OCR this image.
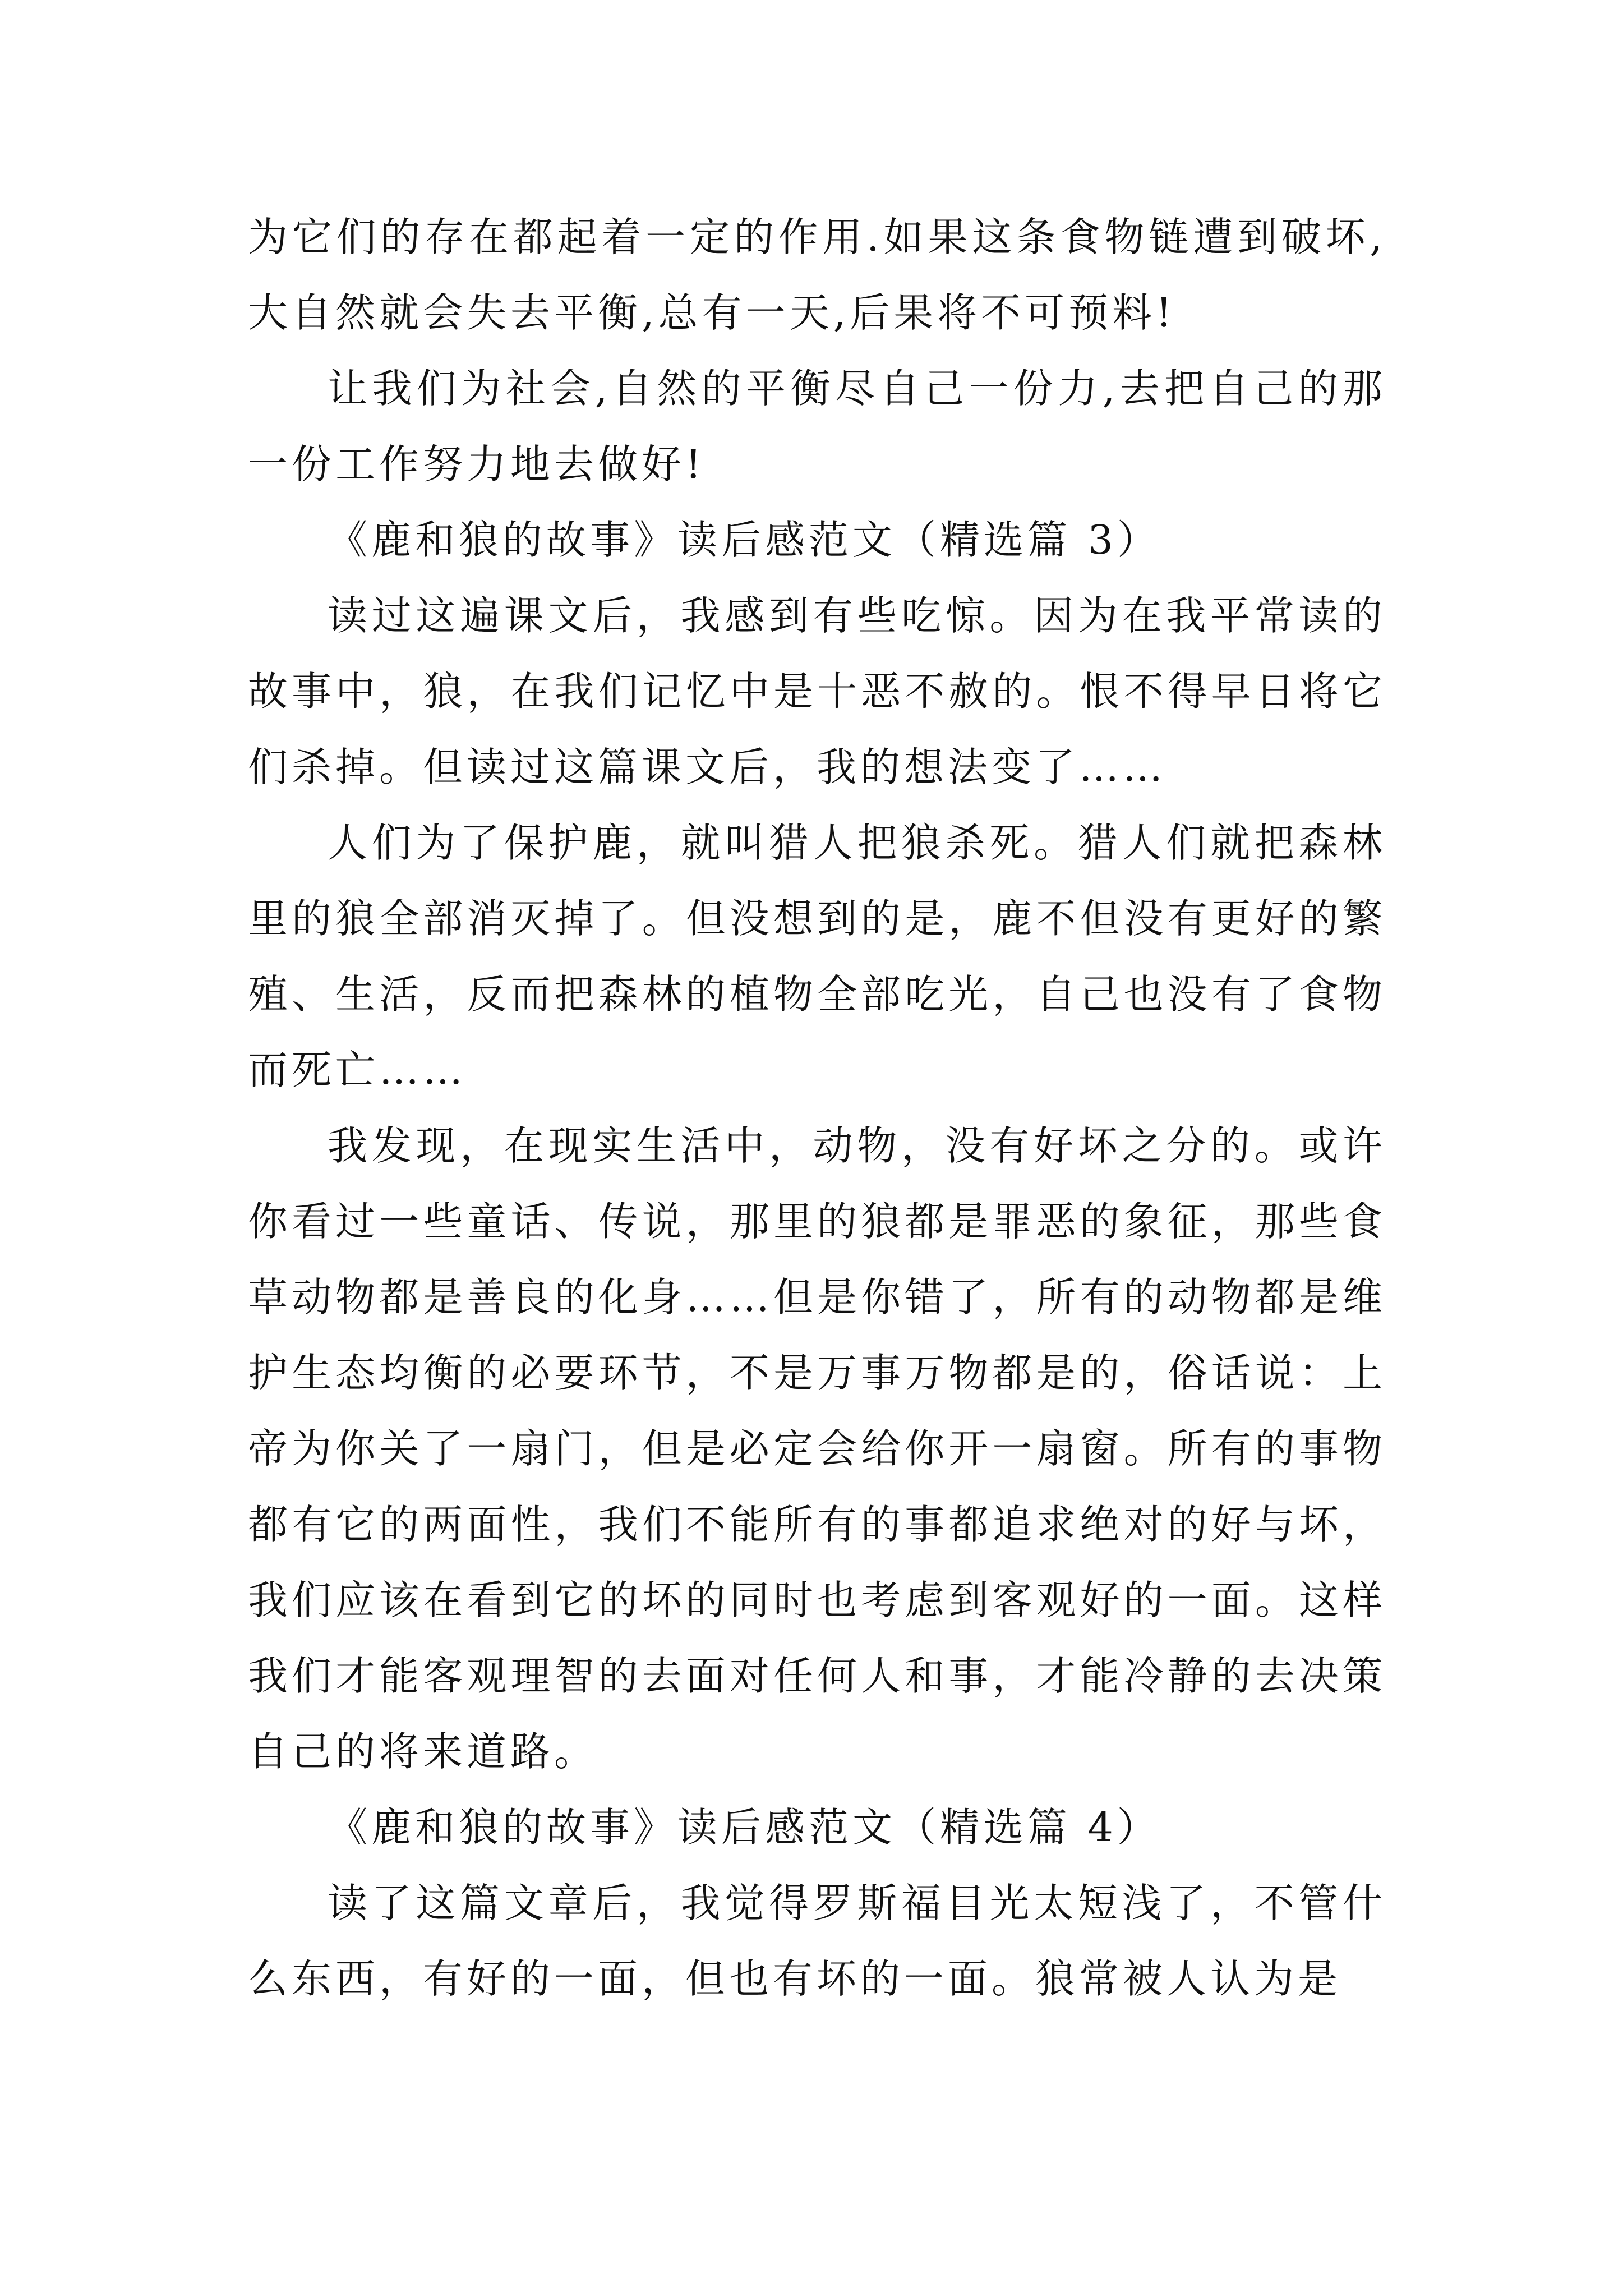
为它们的存在都起着一定的作用.如果这条食物链遭到破坏,大自然就会失去平衡,总有一天,后果将不可预料!

让我们为社会,自然的平衡尽自己一份力,去把自己的那一份工作努力地去做好!

《鹿和狼的故事》读后感范文（精选篇 3）

读过这遍课文后，我感到有些吃惊。因为在我平常读的故事中，狼，在我们记忆中是十恶不赦的。恨不得早日将它们杀掉。但读过这篇课文后，我的想法变了……

人们为了保护鹿，就叫猎人把狼杀死。猎人们就把森林里的狼全部消灭掉了。但没想到的是，鹿不但没有更好的繁殖、生活，反而把森林的植物全部吃光，自己也没有了食物而死亡……

我发现，在现实生活中，动物，没有好坏之分的。或许你看过一些童话、传说，那里的狼都是罪恶的象征，那些食草动物都是善良的化身……但是你错了，所有的动物都是维护生态均衡的必要环节，不是万事万物都是的，俗话说：上帝为你关了一扇门，但是必定会给你开一扇窗。所有的事物都有它的两面性，我们不能所有的事都追求绝对的好与坏，我们应该在看到它的坏的同时也考虑到客观好的一面。这样我们才能客观理智的去面对任何人和事，才能冷静的去决策自己的将来道路。

《鹿和狼的故事》读后感范文（精选篇 4）

读了这篇文章后，我觉得罗斯福目光太短浅了，不管什么东西，有好的一面，但也有坏的一面。狼常被人认为是
